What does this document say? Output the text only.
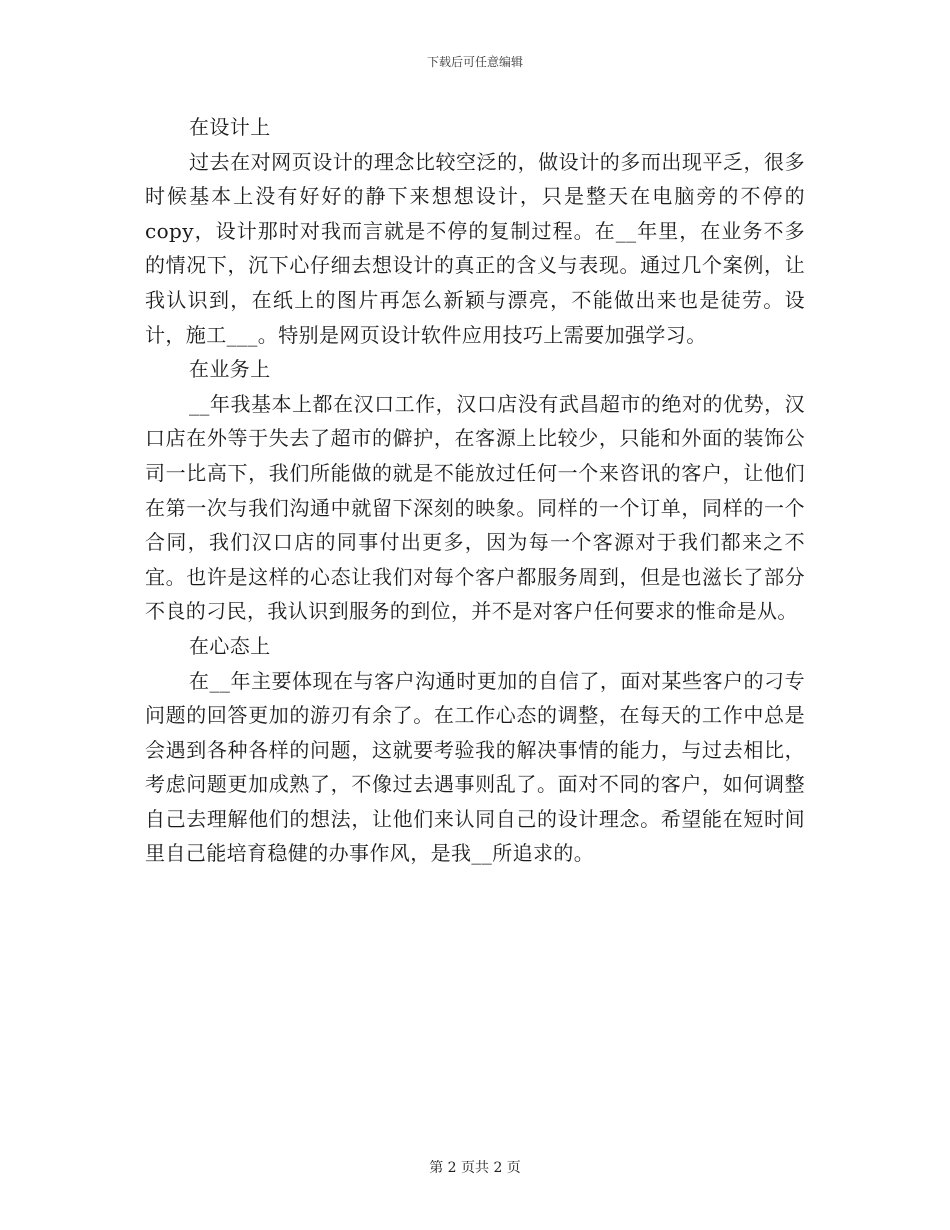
下载后可任意编辑

在设计上

过去在对网页设计的理念比较空泛的，做设计的多而出现平乏，很多时候基本上没有好好的静下来想想设计，只是整天在电脑旁的不停的copy，设计那时对我而言就是不停的复制过程。在__年里，在业务不多的情况下，沉下心仔细去想设计的真正的含义与表现。通过几个案例，让我认识到，在纸上的图片再怎么新颖与漂亮，不能做出来也是徒劳。设计，施工___。特别是网页设计软件应用技巧上需要加强学习。

在业务上

__年我基本上都在汉口工作，汉口店没有武昌超市的绝对的优势，汉口店在外等于失去了超市的僻护，在客源上比较少，只能和外面的装饰公司一比高下，我们所能做的就是不能放过任何一个来咨讯的客户，让他们在第一次与我们沟通中就留下深刻的映象。同样的一个订单，同样的一个合同，我们汉口店的同事付出更多，因为每一个客源对于我们都来之不宜。也许是这样的心态让我们对每个客户都服务周到，但是也滋长了部分不良的刁民，我认识到服务的到位，并不是对客户任何要求的惟命是从。

在心态上

在__年主要体现在与客户沟通时更加的自信了，面对某些客户的刁专问题的回答更加的游刃有余了。在工作心态的调整，在每天的工作中总是会遇到各种各样的问题，这就要考验我的解决事情的能力，与过去相比，考虑问题更加成熟了，不像过去遇事则乱了。面对不同的客户，如何调整自己去理解他们的想法，让他们来认同自己的设计理念。希望能在短时间里自己能培育稳健的办事作风，是我__所追求的。

第 2 页共 2 页
